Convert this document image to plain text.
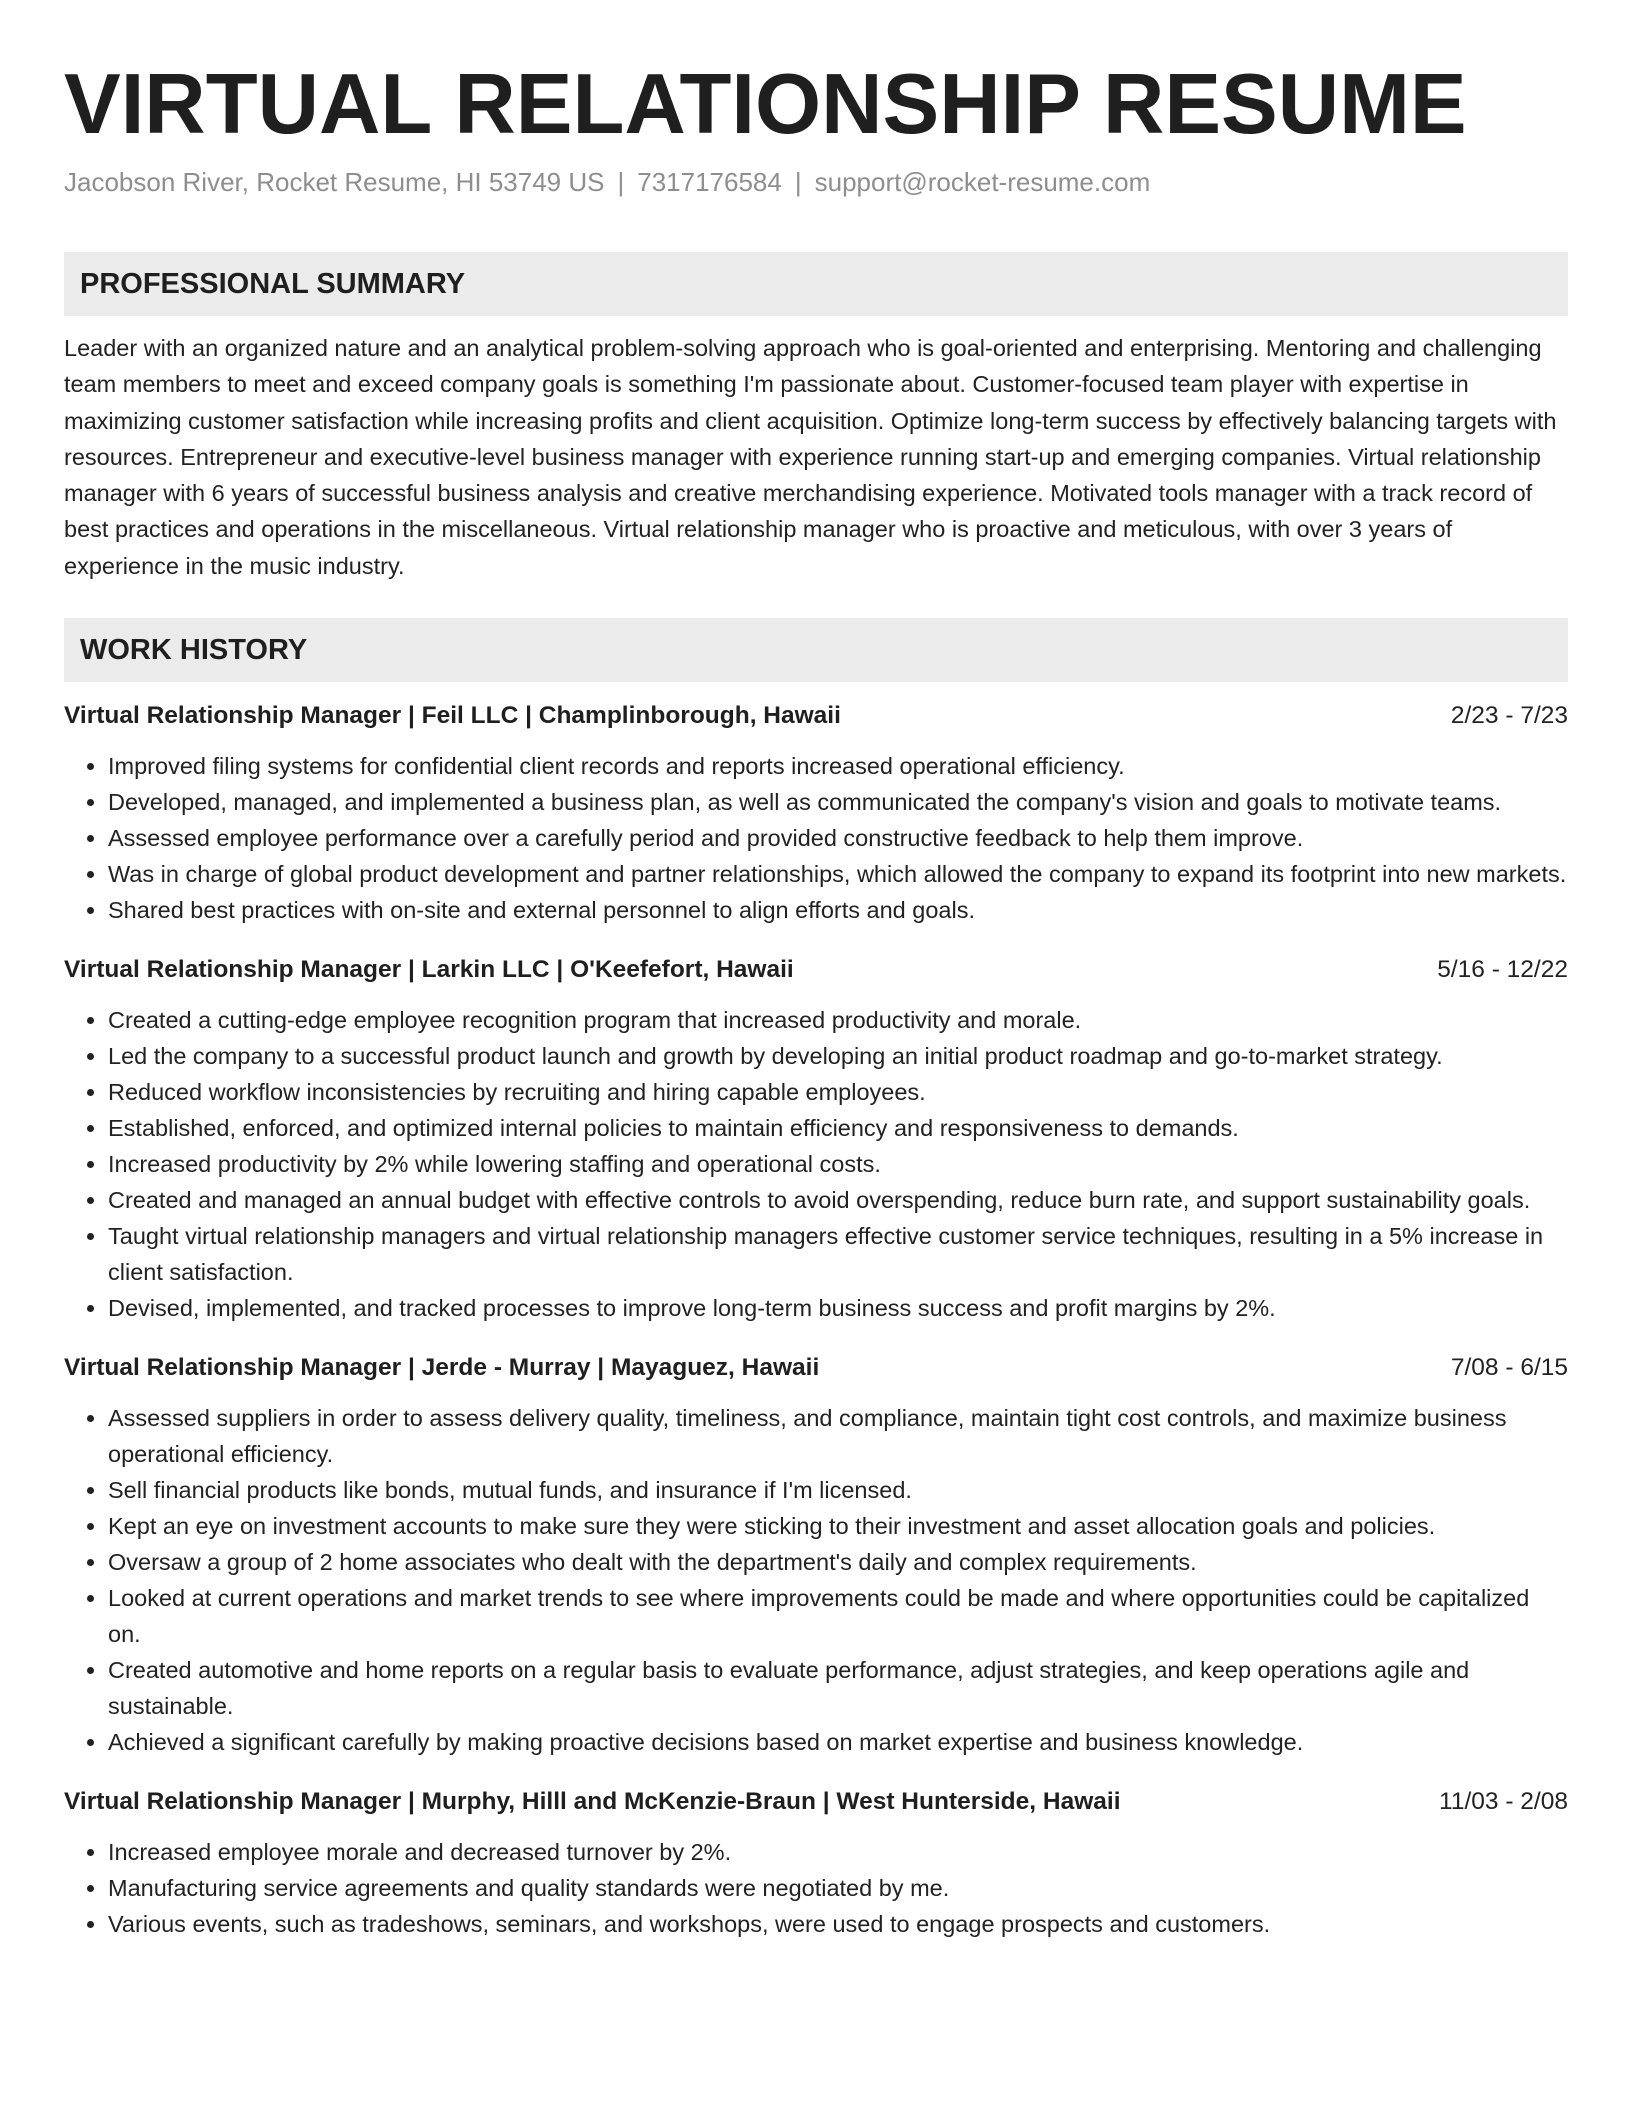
VIRTUAL RELATIONSHIP RESUME
Jacobson River, Rocket Resume, HI 53749 US | 7317176584 | support@rocket-resume.com
PROFESSIONAL SUMMARY
Leader with an organized nature and an analytical problem-solving approach who is goal-oriented and enterprising. Mentoring and challenging team members to meet and exceed company goals is something I'm passionate about. Customer-focused team player with expertise in maximizing customer satisfaction while increasing profits and client acquisition. Optimize long-term success by effectively balancing targets with resources. Entrepreneur and executive-level business manager with experience running start-up and emerging companies. Virtual relationship manager with 6 years of successful business analysis and creative merchandising experience. Motivated tools manager with a track record of best practices and operations in the miscellaneous. Virtual relationship manager who is proactive and meticulous, with over 3 years of experience in the music industry.
WORK HISTORY
Virtual Relationship Manager | Feil LLC | Champlinborough, Hawaii	2/23 - 7/23
• Improved filing systems for confidential client records and reports increased operational efficiency.
• Developed, managed, and implemented a business plan, as well as communicated the company's vision and goals to motivate teams.
• Assessed employee performance over a carefully period and provided constructive feedback to help them improve.
• Was in charge of global product development and partner relationships, which allowed the company to expand its footprint into new markets.
• Shared best practices with on-site and external personnel to align efforts and goals.
Virtual Relationship Manager | Larkin LLC | O'Keefefort, Hawaii	5/16 - 12/22
• Created a cutting-edge employee recognition program that increased productivity and morale.
• Led the company to a successful product launch and growth by developing an initial product roadmap and go-to-market strategy.
• Reduced workflow inconsistencies by recruiting and hiring capable employees.
• Established, enforced, and optimized internal policies to maintain efficiency and responsiveness to demands.
• Increased productivity by 2% while lowering staffing and operational costs.
• Created and managed an annual budget with effective controls to avoid overspending, reduce burn rate, and support sustainability goals.
• Taught virtual relationship managers and virtual relationship managers effective customer service techniques, resulting in a 5% increase in client satisfaction.
• Devised, implemented, and tracked processes to improve long-term business success and profit margins by 2%.
Virtual Relationship Manager | Jerde - Murray | Mayaguez, Hawaii	7/08 - 6/15
• Assessed suppliers in order to assess delivery quality, timeliness, and compliance, maintain tight cost controls, and maximize business operational efficiency.
• Sell financial products like bonds, mutual funds, and insurance if I'm licensed.
• Kept an eye on investment accounts to make sure they were sticking to their investment and asset allocation goals and policies.
• Oversaw a group of 2 home associates who dealt with the department's daily and complex requirements.
• Looked at current operations and market trends to see where improvements could be made and where opportunities could be capitalized on.
• Created automotive and home reports on a regular basis to evaluate performance, adjust strategies, and keep operations agile and sustainable.
• Achieved a significant carefully by making proactive decisions based on market expertise and business knowledge.
Virtual Relationship Manager | Murphy, Hilll and McKenzie-Braun | West Hunterside, Hawaii	11/03 - 2/08
• Increased employee morale and decreased turnover by 2%.
• Manufacturing service agreements and quality standards were negotiated by me.
• Various events, such as tradeshows, seminars, and workshops, were used to engage prospects and customers.
